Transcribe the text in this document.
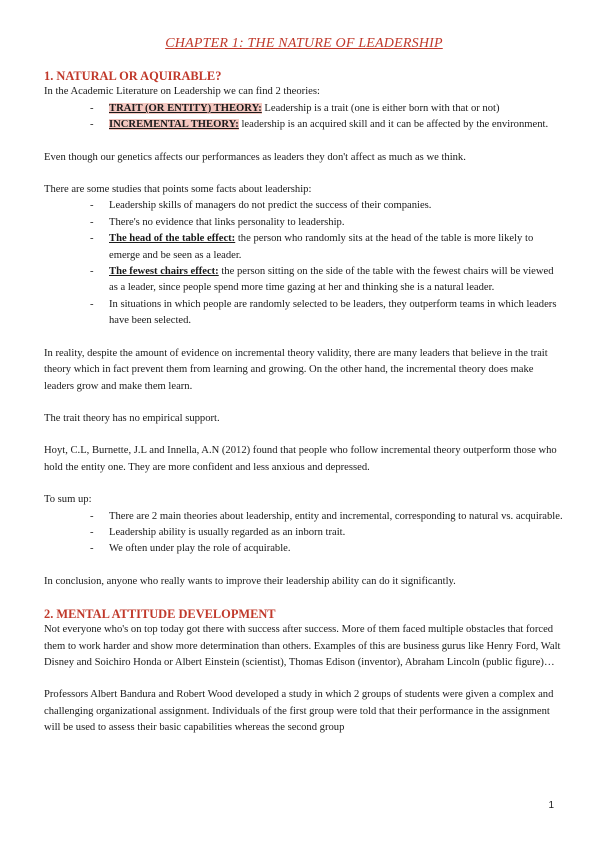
CHAPTER 1: THE NATURE OF LEADERSHIP
1. NATURAL OR AQUIRABLE?

In the Academic Literature on Leadership we can find 2 theories:

- TRAIT (OR ENTITY) THEORY: Leadership is a trait (one is either born with that or not)
- INCREMENTAL THEORY: leadership is an acquired skill and it can be affected by the environment.

Even though our genetics affects our performances as leaders they don't affect as much as we think.

There are some studies that points some facts about leadership:

- Leadership skills of managers do not predict the success of their companies.
- There's no evidence that links personality to leadership.
- The head of the table effect: the person who randomly sits at the head of the table is more likely to emerge and be seen as a leader.
- The fewest chairs effect: the person sitting on the side of the table with the fewest chairs will be viewed as a leader, since people spend more time gazing at her and thinking she is a natural leader.
- In situations in which people are randomly selected to be leaders, they outperform teams in which leaders have been selected.

In reality, despite the amount of evidence on incremental theory validity, there are many leaders that believe in the trait theory which in fact prevent them from learning and growing. On the other hand, the incremental theory does make leaders grow and make them learn.

The trait theory has no empirical support.

Hoyt, C.L, Burnette, J.L and Innella, A.N (2012) found that people who follow incremental theory outperform those who hold the entity one. They are more confident and less anxious and depressed.

To sum up:

- There are 2 main theories about leadership, entity and incremental, corresponding to natural vs. acquirable.
- Leadership ability is usually regarded as an inborn trait.
- We often under play the role of acquirable.

In conclusion, anyone who really wants to improve their leadership ability can do it significantly.

2. MENTAL ATTITUDE DEVELOPMENT

Not everyone who's on top today got there with success after success. More of them faced multiple obstacles that forced them to work harder and show more determination than others. Examples of this are business gurus like Henry Ford, Walt Disney and Soichiro Honda or Albert Einstein (scientist), Thomas Edison (inventor), Abraham Lincoln (public figure)…

Professors Albert Bandura and Robert Wood developed a study in which 2 groups of students were given a complex and challenging organizational assignment. Individuals of the first group were told that their performance in the assignment will be used to assess their basic capabilities whereas the second group

1
